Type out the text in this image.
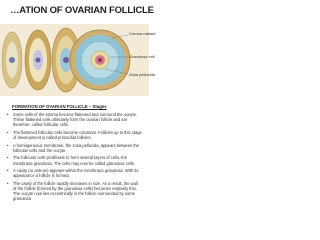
…ATION OF OVARIAN FOLLICLE
Corona radiata
Granulosa cell
Zona pellucida
FORMATION OF OVARIAN FOLLICLE – Stages
• Some cells of the stroma become flattened and surround the oocyte. These flattened cells ultimately form the ovarian follicle and are therefore, called follicular cells.
• The flattened follicular cells become columnar. Follicles up to this stage of development is called primordial follicles.
• A homogeneous membrane, the zona pellucida, appears between the follicular cells and the oocyte.
• The follicular cells proliferate to form several layers of cells, the membrana granulosa. The cells may now be called granulosa cells.
• A cavity (or antrum) appears within the membrana granulosa. With its appearance a follicle is formed.
• The cavity of the follicle rapidly increases in size. As a result, the wall of the follicle (formed by the granulosa cells) becomes relatively thin. The oocyte now lies eccentrically in the follicle surrounded by some granulosa
